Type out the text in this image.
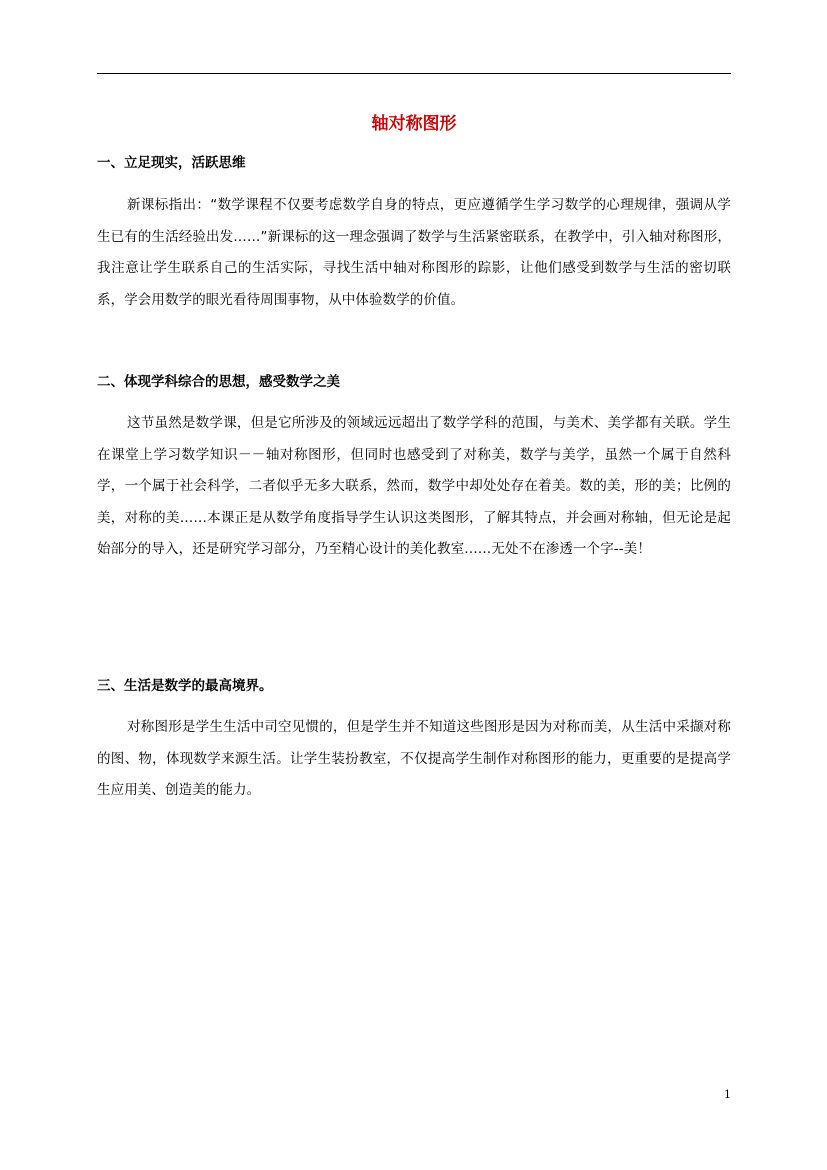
轴对称图形
一、立足现实，活跃思维

新课标指出：“数学课程不仅要考虑数学自身的特点，更应遵循学生学习数学的心理规律，强调从学生已有的生活经验出发……”新课标的这一理念强调了数学与生活紧密联系，在教学中，引入轴对称图形，我注意让学生联系自己的生活实际，寻找生活中轴对称图形的踪影，让他们感受到数学与生活的密切联系，学会用数学的眼光看待周围事物，从中体验数学的价值。

二、体现学科综合的思想，感受数学之美

这节虽然是数学课，但是它所涉及的领域远远超出了数学学科的范围，与美术、美学都有关联。学生在课堂上学习数学知识－－轴对称图形，但同时也感受到了对称美，数学与美学，虽然一个属于自然科学，一个属于社会科学，二者似乎无多大联系，然而，数学中却处处存在着美。数的美，形的美；比例的美，对称的美……本课正是从数学角度指导学生认识这类图形，了解其特点，并会画对称轴，但无论是起始部分的导入，还是研究学习部分，乃至精心设计的美化教室……无处不在渗透一个字--美！

三、生活是数学的最高境界。

对称图形是学生生活中司空见惯的，但是学生并不知道这些图形是因为对称而美，从生活中采撷对称的图、物，体现数学来源生活。让学生装扮教室，不仅提高学生制作对称图形的能力，更重要的是提高学生应用美、创造美的能力。

1
